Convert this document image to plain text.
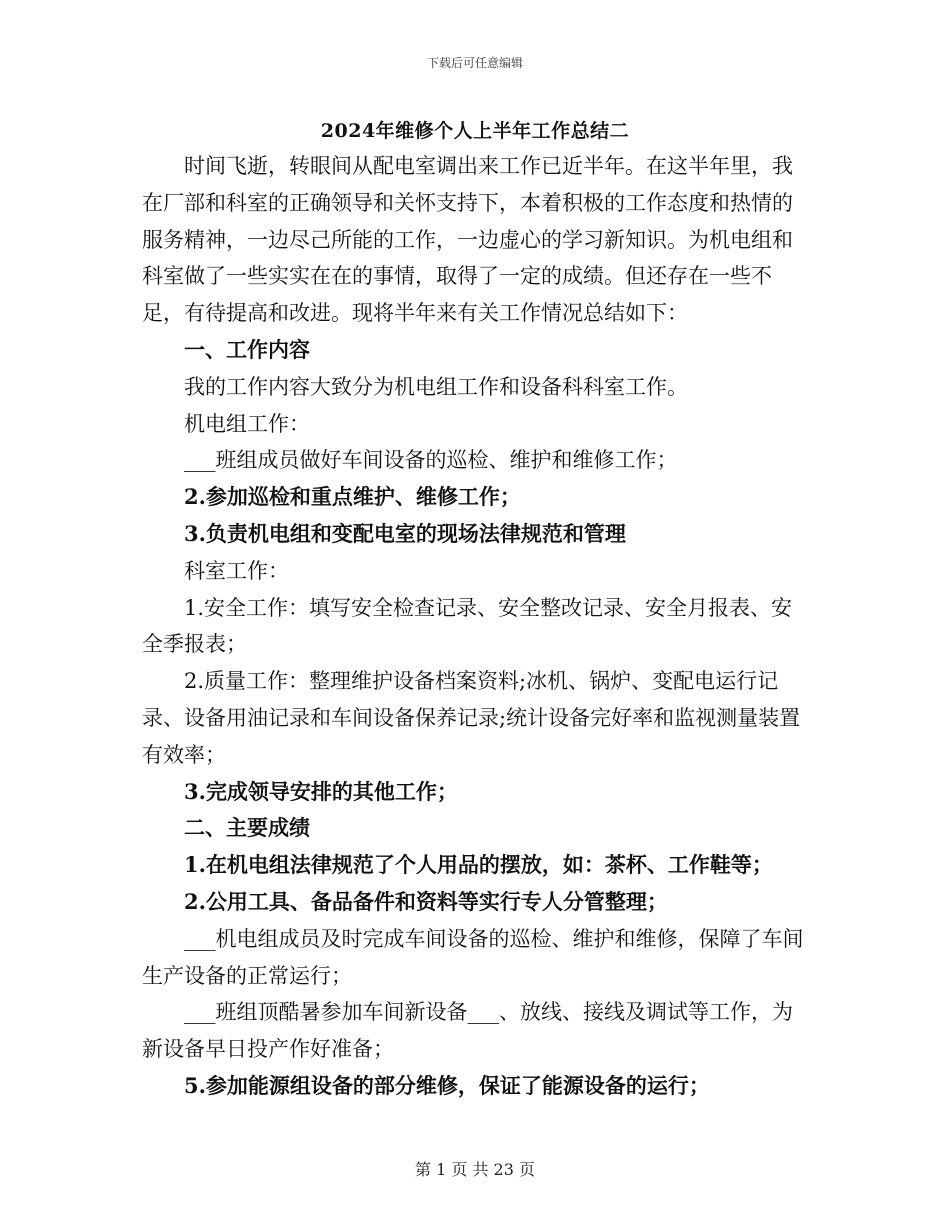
下载后可任意编辑
2024年维修个人上半年工作总结二

时间飞逝，转眼间从配电室调出来工作已近半年。在这半年里，我在厂部和科室的正确领导和关怀支持下，本着积极的工作态度和热情的服务精神，一边尽己所能的工作，一边虚心的学习新知识。为机电组和科室做了一些实实在在的事情，取得了一定的成绩。但还存在一些不足，有待提高和改进。现将半年来有关工作情况总结如下：

一、工作内容

我的工作内容大致分为机电组工作和设备科科室工作。

机电组工作：

___班组成员做好车间设备的巡检、维护和维修工作；

2.参加巡检和重点维护、维修工作；

3.负责机电组和变配电室的现场法律规范和管理

科室工作：

1.安全工作：填写安全检查记录、安全整改记录、安全月报表、安全季报表；

2.质量工作：整理维护设备档案资料;冰机、锅炉、变配电运行记录、设备用油记录和车间设备保养记录;统计设备完好率和监视测量装置有效率；

3.完成领导安排的其他工作；

二、主要成绩

1.在机电组法律规范了个人用品的摆放，如：茶杯、工作鞋等；

2.公用工具、备品备件和资料等实行专人分管整理；

___机电组成员及时完成车间设备的巡检、维护和维修，保障了车间生产设备的正常运行；

___班组顶酷暑参加车间新设备___、放线、接线及调试等工作，为新设备早日投产作好准备；

5.参加能源组设备的部分维修，保证了能源设备的运行；

第 1 页 共 23 页
